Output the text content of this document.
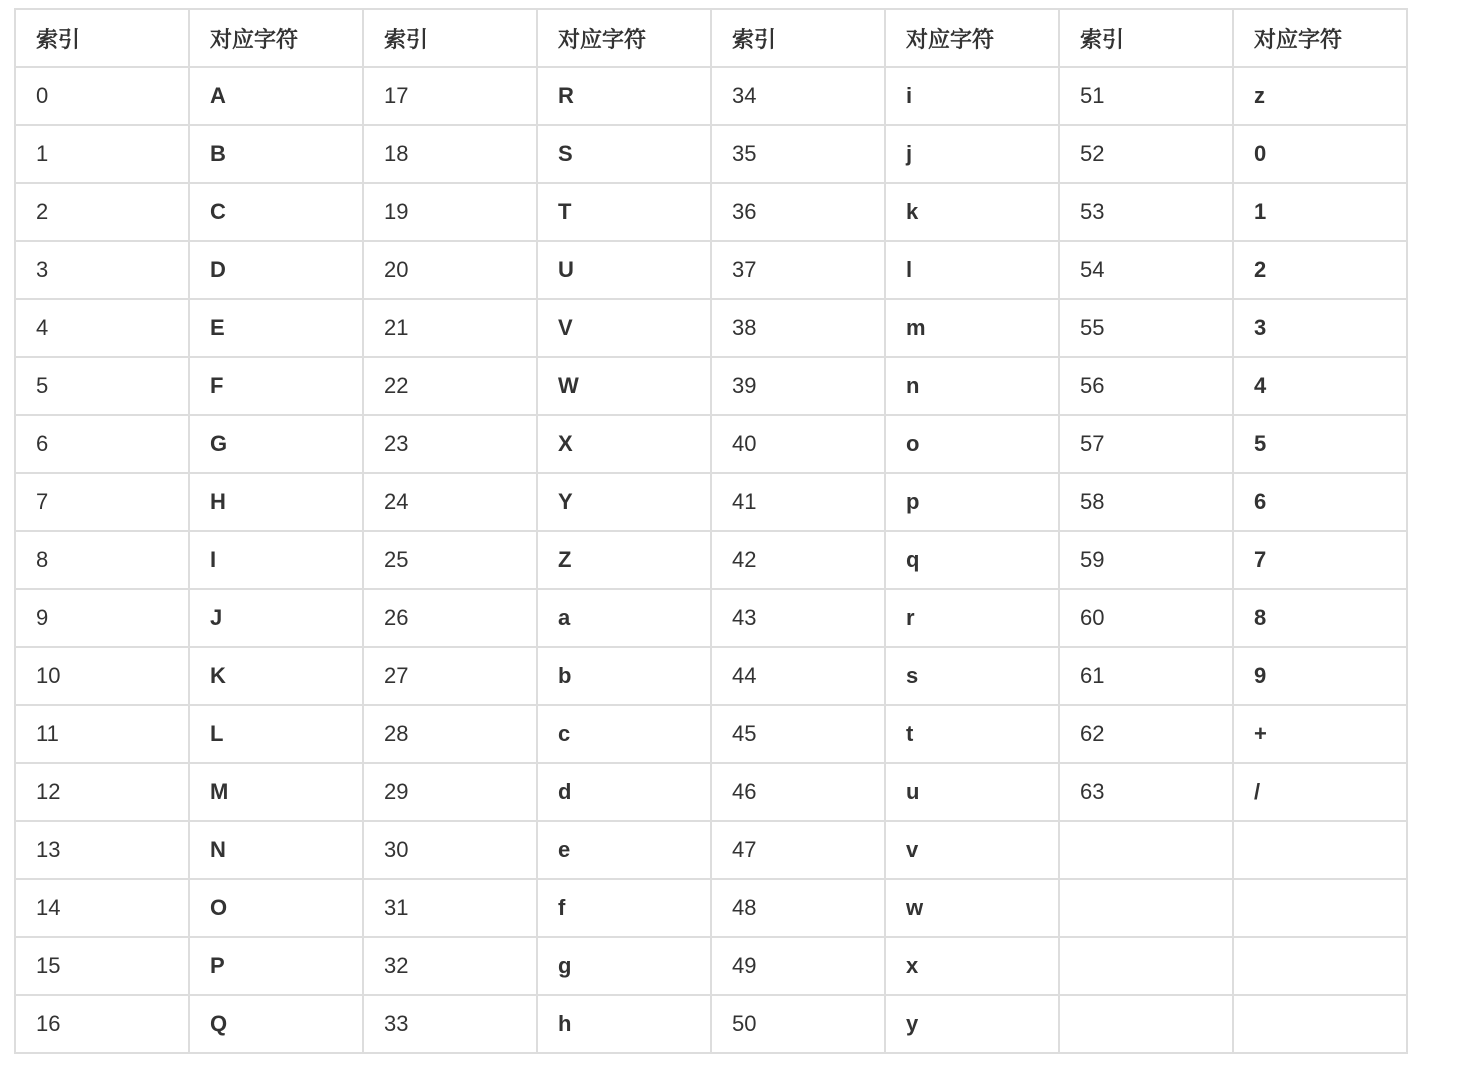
索引	对应字符	索引	对应字符	索引	对应字符	索引	对应字符
0	A	17	R	34	i	51	z
1	B	18	S	35	j	52	0
2	C	19	T	36	k	53	1
3	D	20	U	37	l	54	2
4	E	21	V	38	m	55	3
5	F	22	W	39	n	56	4
6	G	23	X	40	o	57	5
7	H	24	Y	41	p	58	6
8	I	25	Z	42	q	59	7
9	J	26	a	43	r	60	8
10	K	27	b	44	s	61	9
11	L	28	c	45	t	62	+
12	M	29	d	46	u	63	/
13	N	30	e	47	v		
14	O	31	f	48	w		
15	P	32	g	49	x		
16	Q	33	h	50	y		
